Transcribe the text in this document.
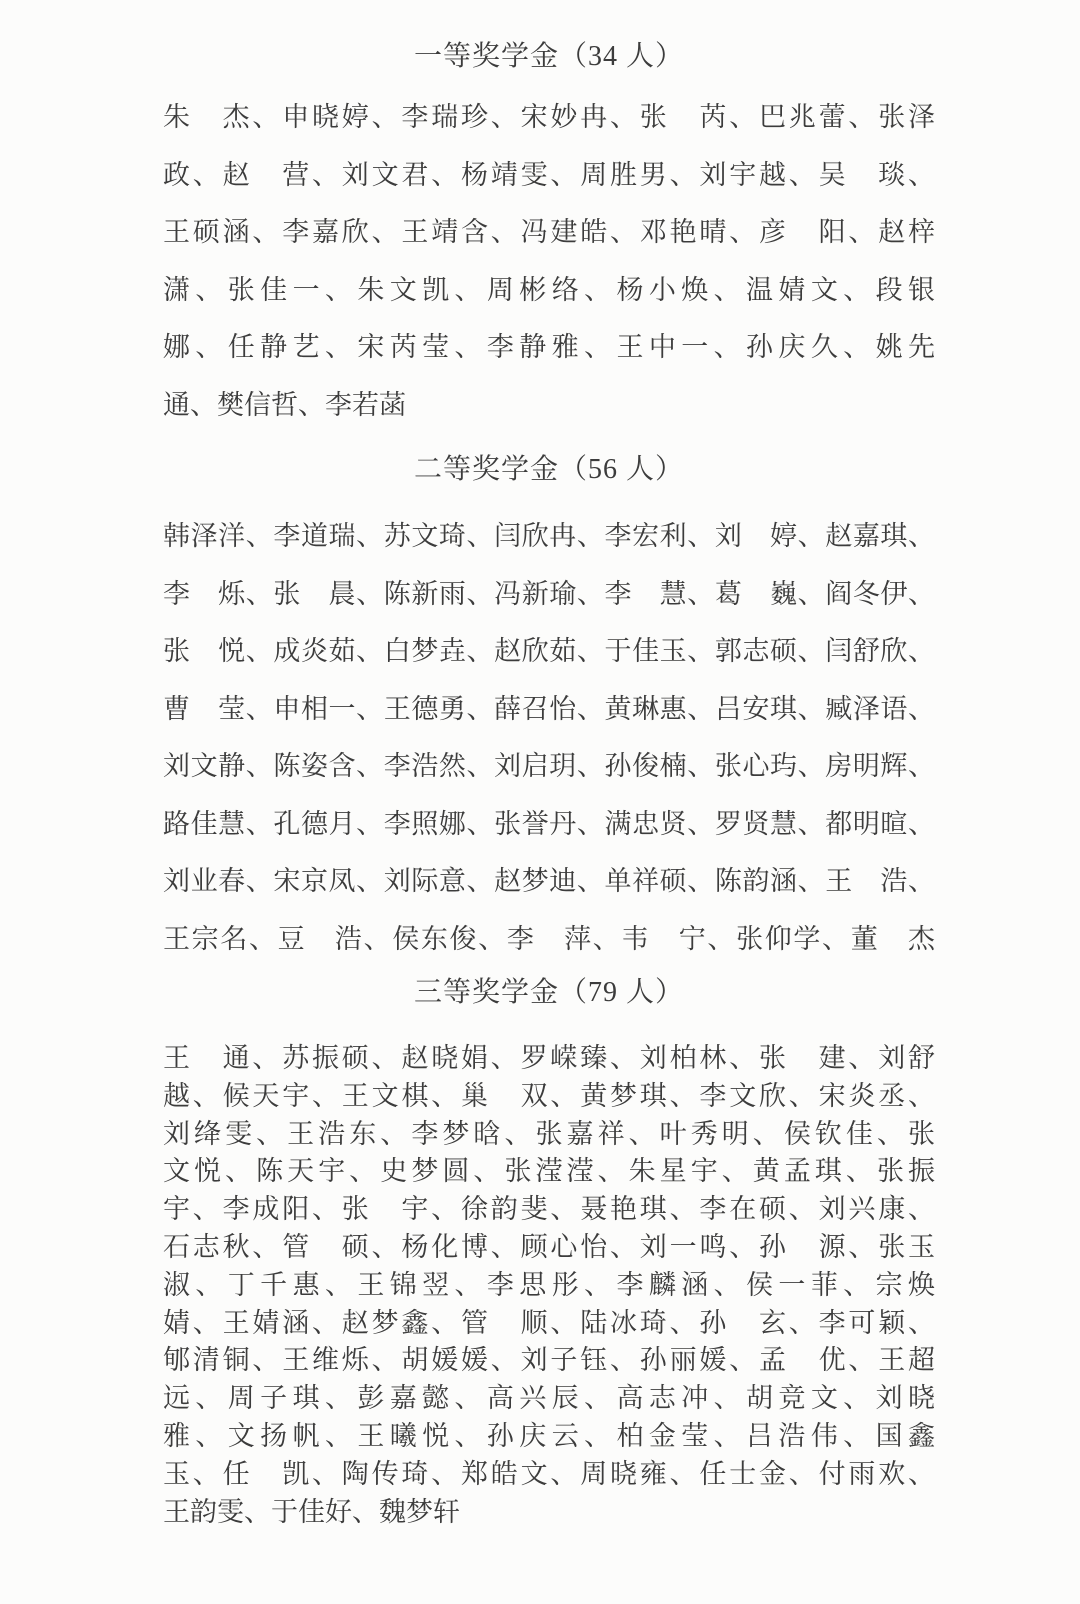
一等奖学金（34 人）
朱　杰、申晓婷、李瑞珍、宋妙冉、张　芮、巴兆蕾、张泽
政、赵　营、刘文君、杨靖雯、周胜男、刘宇越、吴　琰、
王硕涵、李嘉欣、王靖含、冯建皓、邓艳晴、彦　阳、赵梓
潇、张佳一、朱文凯、周彬络、杨小焕、温婧文、段银
娜、任静艺、宋芮莹、李静雅、王中一、孙庆久、姚先
通、樊信哲、李若菡
二等奖学金（56 人）
韩泽洋、李道瑞、苏文琦、闫欣冉、李宏利、刘　婷、赵嘉琪、
李　烁、张　晨、陈新雨、冯新瑜、李　慧、葛　巍、阎冬伊、
张　悦、成炎茹、白梦垚、赵欣茹、于佳玉、郭志硕、闫舒欣、
曹　莹、申相一、王德勇、薛召怡、黄琳惠、吕安琪、臧泽语、
刘文静、陈姿含、李浩然、刘启玥、孙俊楠、张心玙、房明辉、
路佳慧、孔德月、李照娜、张誉丹、满忠贤、罗贤慧、都明暄、
刘业春、宋京凤、刘际意、赵梦迪、单祥硕、陈韵涵、王　浩、
王宗名、豆　浩、侯东俊、李　萍、韦　宁、张仰学、董　杰
三等奖学金（79 人）
王　通、苏振硕、赵晓娟、罗嵘臻、刘柏林、张　建、刘舒
越、候天宇、王文棋、巢　双、黄梦琪、李文欣、宋炎丞、
刘绛雯、王浩东、李梦晗、张嘉祥、叶秀明、侯钦佳、张
文悦、陈天宇、史梦圆、张滢滢、朱星宇、黄孟琪、张振
宇、李成阳、张　宇、徐韵斐、聂艳琪、李在硕、刘兴康、
石志秋、管　硕、杨化博、顾心怡、刘一鸣、孙　源、张玉
淑、丁千惠、王锦翌、李思彤、李麟涵、侯一菲、宗焕
婧、王婧涵、赵梦鑫、管　顺、陆冰琦、孙　玄、李可颖、
郇清铜、王维烁、胡媛媛、刘子钰、孙丽媛、孟　优、王超
远、周子琪、彭嘉懿、高兴辰、高志冲、胡竞文、刘晓
雅、文扬帆、王曦悦、孙庆云、柏金莹、吕浩伟、国鑫
玉、任　凯、陶传琦、郑皓文、周晓雍、任士金、付雨欢、
王韵雯、于佳好、魏梦轩
